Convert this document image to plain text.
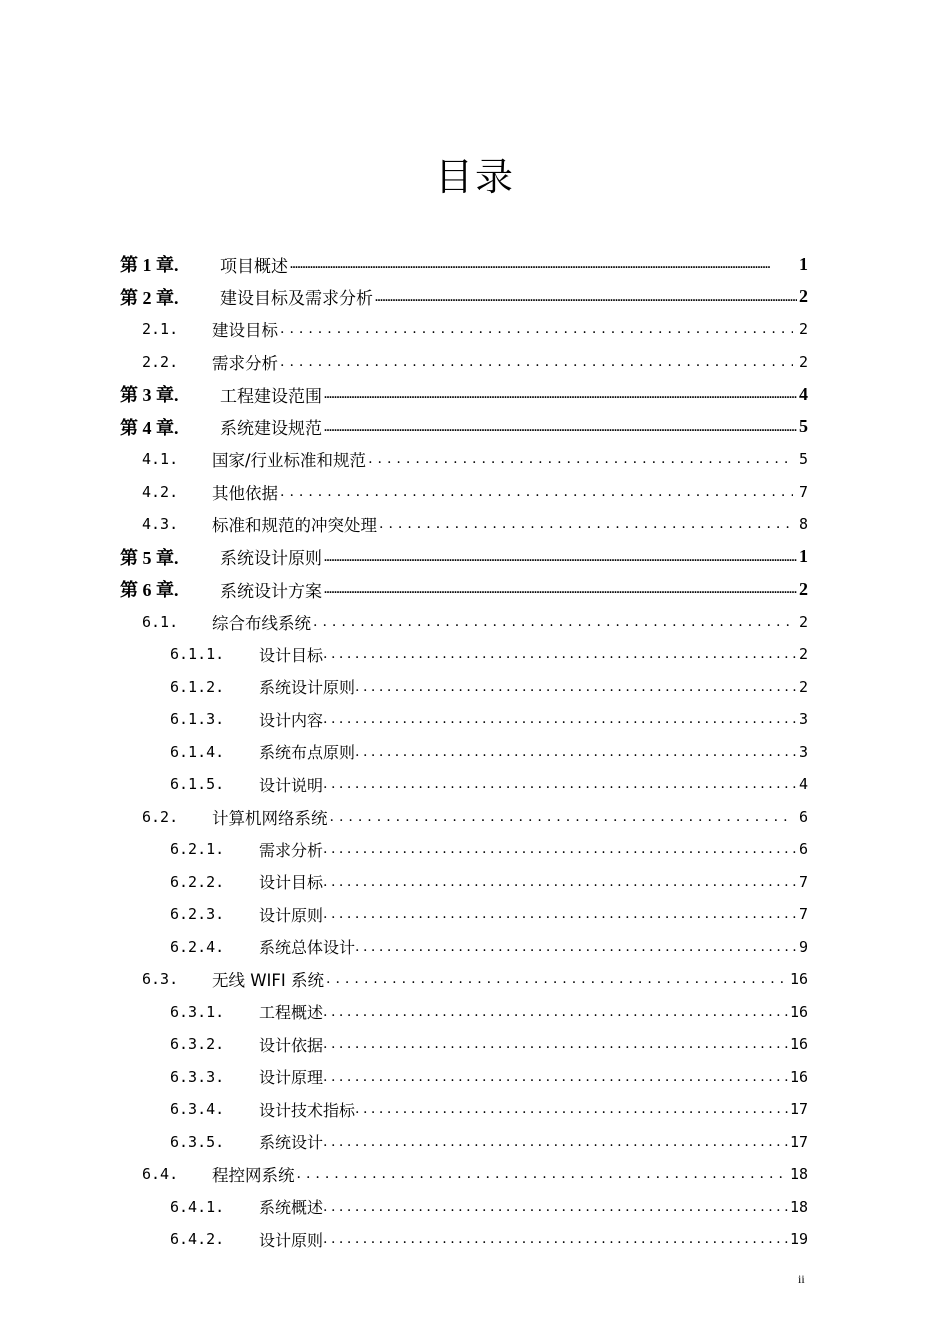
目录
第 1 章.	项目概述 .....	1
第 2 章.	建设目标及需求分析 .....	2
2.1.	建设目标 .....	2
2.2.	需求分析 .....	2
第 3 章.	工程建设范围 .....	4
第 4 章.	系统建设规范 .....	5
4.1.	国家/行业标准和规范 .....	5
4.2.	其他依据 .....	7
4.3.	标准和规范的冲突处理 .....	8
第 5 章.	系统设计原则 .....	1
第 6 章.	系统设计方案 .....	2
6.1.	综合布线系统 .....	2
6.1.1.	设计目标 .....	2
6.1.2.	系统设计原则 .....	2
6.1.3.	设计内容 .....	3
6.1.4.	系统布点原则 .....	3
6.1.5.	设计说明 .....	4
6.2.	计算机网络系统 .....	6
6.2.1.	需求分析 .....	6
6.2.2.	设计目标 .....	7
6.2.3.	设计原则 .....	7
6.2.4.	系统总体设计 .....	9
6.3.	无线 WIFI 系统 .....	16
6.3.1.	工程概述 .....	16
6.3.2.	设计依据 .....	16
6.3.3.	设计原理 .....	16
6.3.4.	设计技术指标 .....	17
6.3.5.	系统设计 .....	17
6.4.	程控网系统 .....	18
6.4.1.	系统概述 .....	18
6.4.2.	设计原则 .....	19
ii
